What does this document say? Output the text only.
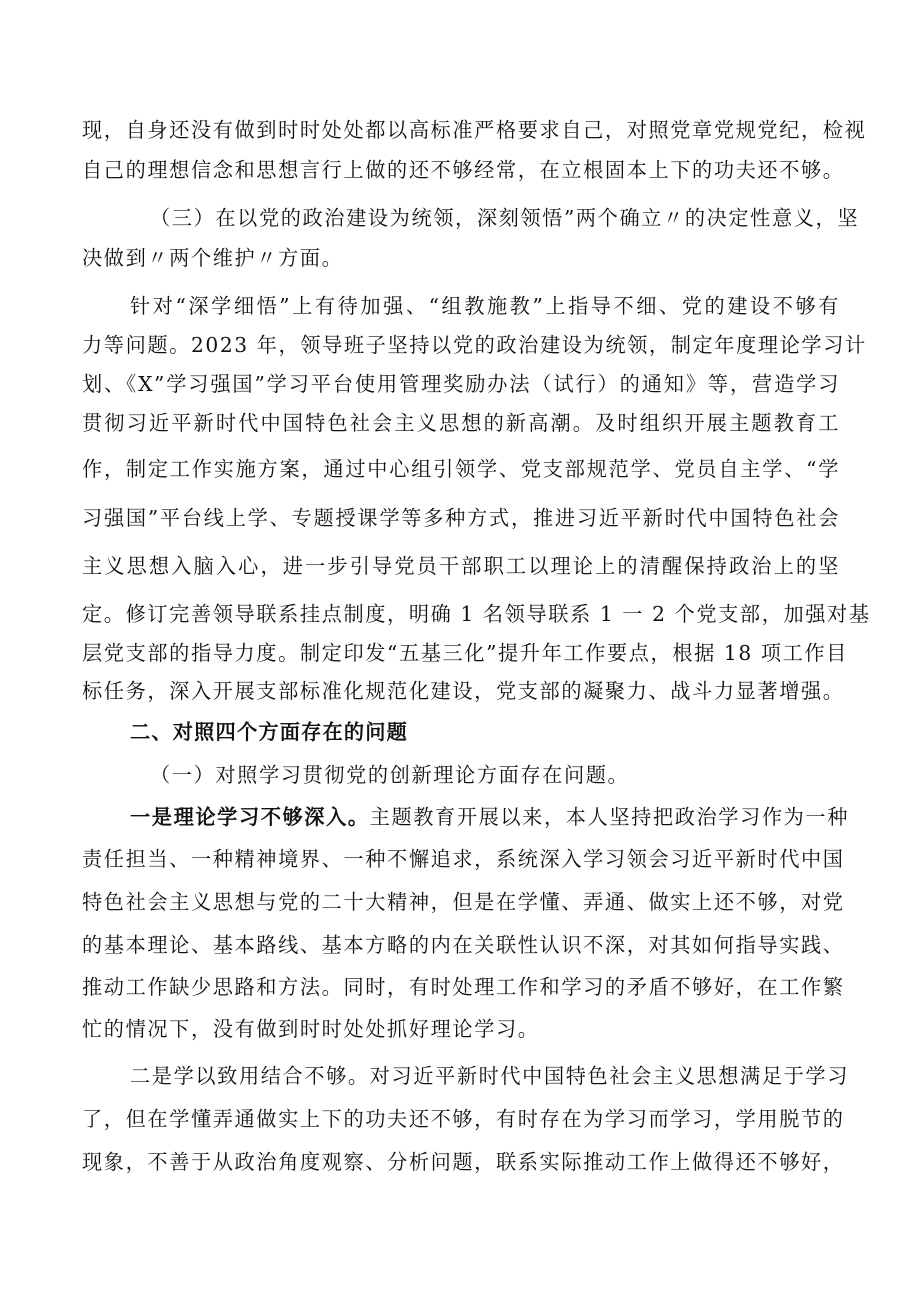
现，自身还没有做到时时处处都以高标准严格要求自己，对照党章党规党纪，检视
自己的理想信念和思想言行上做的还不够经常，在立根固本上下的功夫还不够。
（三）在以党的政治建设为统领，深刻领悟”两个确立〃的决定性意义，坚
决做到〃两个维护〃方面。
针对“深学细悟”上有待加强、“组教施教”上指导不细、党的建设不够有
力等问题。2023 年，领导班子坚持以党的政治建设为统领，制定年度理论学习计
划、《X”学习强国”学习平台使用管理奖励办法（试行）的通知》等，营造学习
贯彻习近平新时代中国特色社会主义思想的新高潮。及时组织开展主题教育工
作，制定工作实施方案，通过中心组引领学、党支部规范学、党员自主学、“学
习强国”平台线上学、专题授课学等多种方式，推进习近平新时代中国特色社会
主义思想入脑入心，进一步引导党员干部职工以理论上的清醒保持政治上的坚
定。修订完善领导联系挂点制度，明确 1 名领导联系 1 一 2 个党支部，加强对基
层党支部的指导力度。制定印发“五基三化”提升年工作要点，根据 18 项工作目
标任务，深入开展支部标准化规范化建设，党支部的凝聚力、战斗力显著增强。
二、对照四个方面存在的问题
（一）对照学习贯彻党的创新理论方面存在问题。
一是理论学习不够深入。主题教育开展以来，本人坚持把政治学习作为一种
责任担当、一种精神境界、一种不懈追求，系统深入学习领会习近平新时代中国
特色社会主义思想与党的二十大精神，但是在学懂、弄通、做实上还不够，对党
的基本理论、基本路线、基本方略的内在关联性认识不深，对其如何指导实践、
推动工作缺少思路和方法。同时，有时处理工作和学习的矛盾不够好，在工作繁
忙的情况下，没有做到时时处处抓好理论学习。
二是学以致用结合不够。对习近平新时代中国特色社会主义思想满足于学习
了，但在学懂弄通做实上下的功夫还不够，有时存在为学习而学习，学用脱节的
现象，不善于从政治角度观察、分析问题，联系实际推动工作上做得还不够好，
